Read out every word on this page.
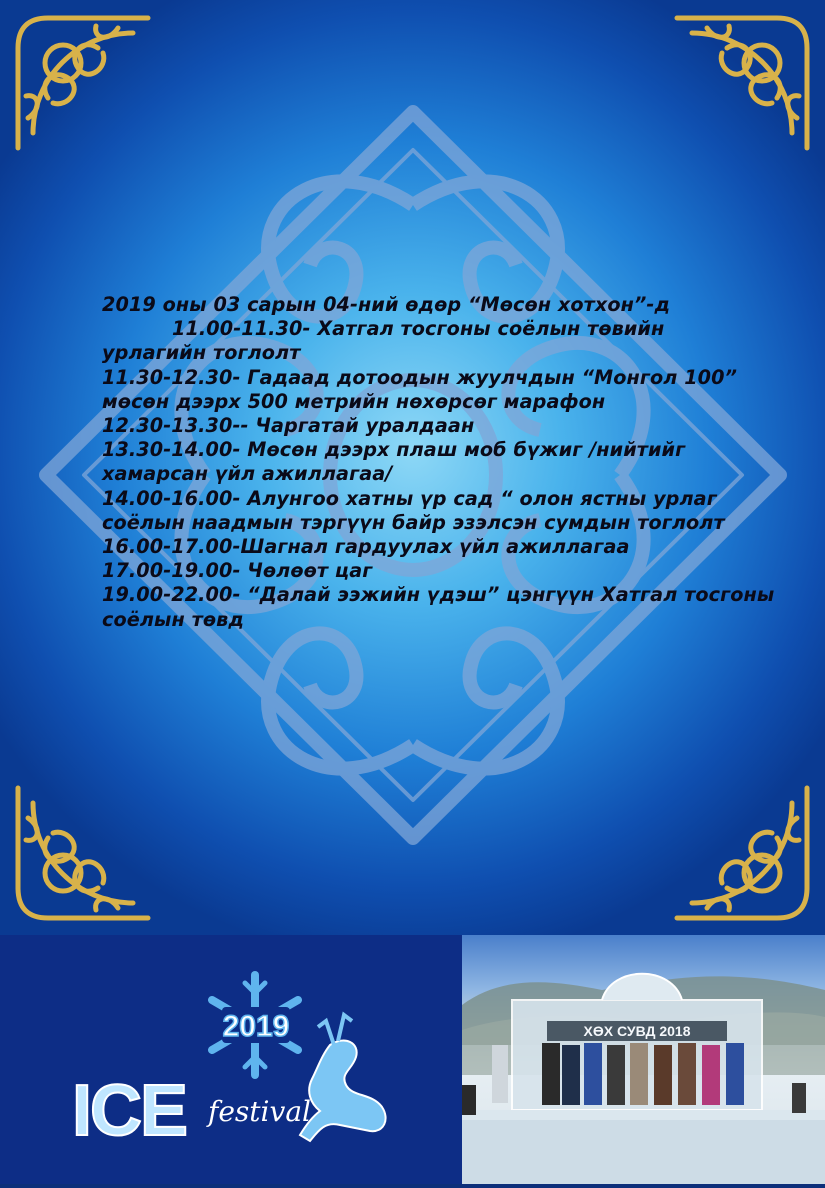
2019 оны 03 сарын 04-ний өдөр “Мөсөн хотхон”-д
11.00-11.30- Хатгал тосгоны соёлын төвийн
урлагийн тоглолт
11.30-12.30- Гадаад дотоодын жуулчдын “Монгол 100”
мөсөн дээрх 500 метрийн нөхөрсөг марафон
12.30-13.30-- Чаргатай уралдаан
13.30-14.00- Мөсөн дээрх плаш моб бүжиг /нийтийг
хамарсан үйл ажиллагаа/
14.00-16.00- Алунгоо хатны үр сад “ олон ястны урлаг
соёлын наадмын тэргүүн байр эзэлсэн сумдын тоглолт
16.00-17.00-Шагнал гардуулах үйл ажиллагаа
17.00-19.00- Чөлөөт цаг
19.00-22.00- “Далай ээжийн үдэш” цэнгүүн Хатгал тосгоны
соёлын төвд
2019
ICE festival
ХӨХ СУВД 2018
